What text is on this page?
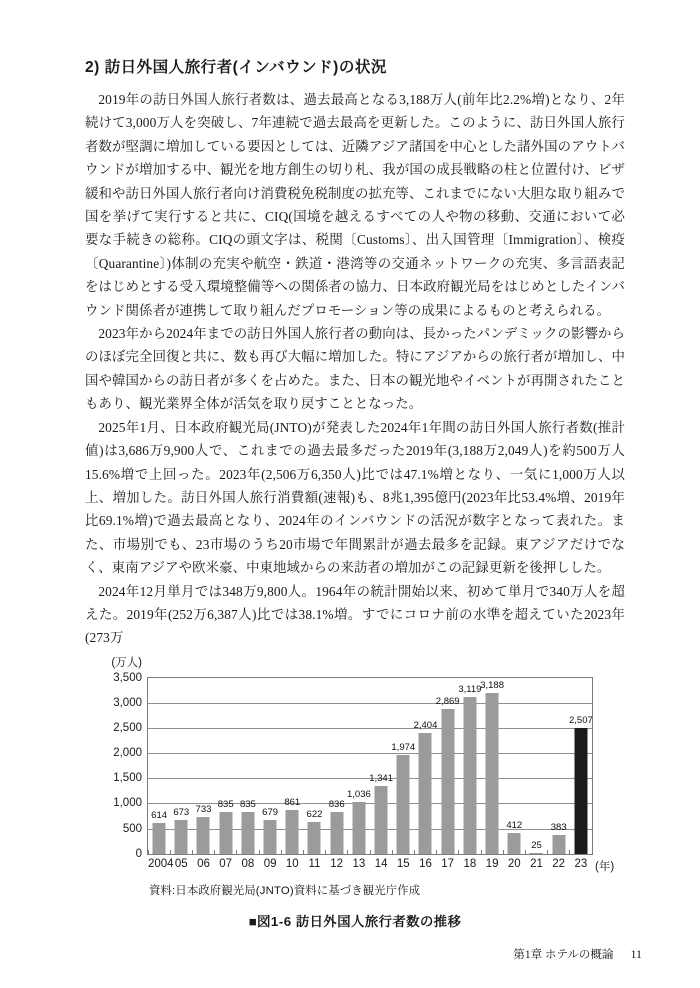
2) 訪日外国人旅行者(インバウンド)の状況

2019年の訪日外国人旅行者数は、過去最高となる3,188万人(前年比2.2%増)となり、2年続けて3,000万人を突破し、7年連続で過去最高を更新した。このように、訪日外国人旅行者数が堅調に増加している要因としては、近隣アジア諸国を中心とした諸外国のアウトバウンドが増加する中、観光を地方創生の切り札、我が国の成長戦略の柱と位置付け、ビザ緩和や訪日外国人旅行者向け消費税免税制度の拡充等、これまでにない大胆な取り組みで国を挙げて実行すると共に、CIQ(国境を越えるすべての人や物の移動、交通において必要な手続きの総称。CIQの頭文字は、税関〔Customs〕、出入国管理〔Immigration〕、検疫〔Quarantine〕)体制の充実や航空・鉄道・港湾等の交通ネットワークの充実、多言語表記をはじめとする受入環境整備等への関係者の協力、日本政府観光局をはじめとしたインバウンド関係者が連携して取り組んだプロモーション等の成果によるものと考えられる。

2023年から2024年までの訪日外国人旅行者の動向は、長かったパンデミックの影響からのほぼ完全回復と共に、数も再び大幅に増加した。特にアジアからの旅行者が増加し、中国や韓国からの訪日者が多くを占めた。また、日本の観光地やイベントが再開されたこともあり、観光業界全体が活気を取り戻すこととなった。

2025年1月、日本政府観光局(JNTO)が発表した2024年1年間の訪日外国人旅行者数(推計値)は3,686万9,900人で、これまでの過去最多だった2019年(3,188万2,049人)を約500万人15.6%増で上回った。2023年(2,506万6,350人)比では47.1%増となり、一気に1,000万人以上、増加した。訪日外国人旅行消費額(速報)も、8兆1,395億円(2023年比53.4%増、2019年比69.1%増)で過去最高となり、2024年のインバウンドの活況が数字となって表れた。また、市場別でも、23市場のうち20市場で年間累計が過去最多を記録。東アジアだけでなく、東南アジアや欧米豪、中東地域からの来訪者の増加がこの記録更新を後押しした。

2024年12月単月では348万9,800人。1964年の統計開始以来、初めて単月で340万人を超えた。2019年(252万6,387人)比では38.1%増。すでにコロナ前の水準を超えていた2023年(273万

(万人)
(年)
2004 05 06 07 08 09 10 11 12 13 14 15 16 17 18 19 20 21 22 23
3,500
3,000
2,500
2,000
1,500
1,000
500
0
614 673 733 835 835
679
861
622
836
1,036
1,341
1,974
2,404
2,869
3,119
3,188
412
25
383
2,507
資料:日本政府観光局(JNTO)資料に基づき観光庁作成
■図1-6 訪日外国人旅行者数の推移
第1章 ホテルの概論 11
